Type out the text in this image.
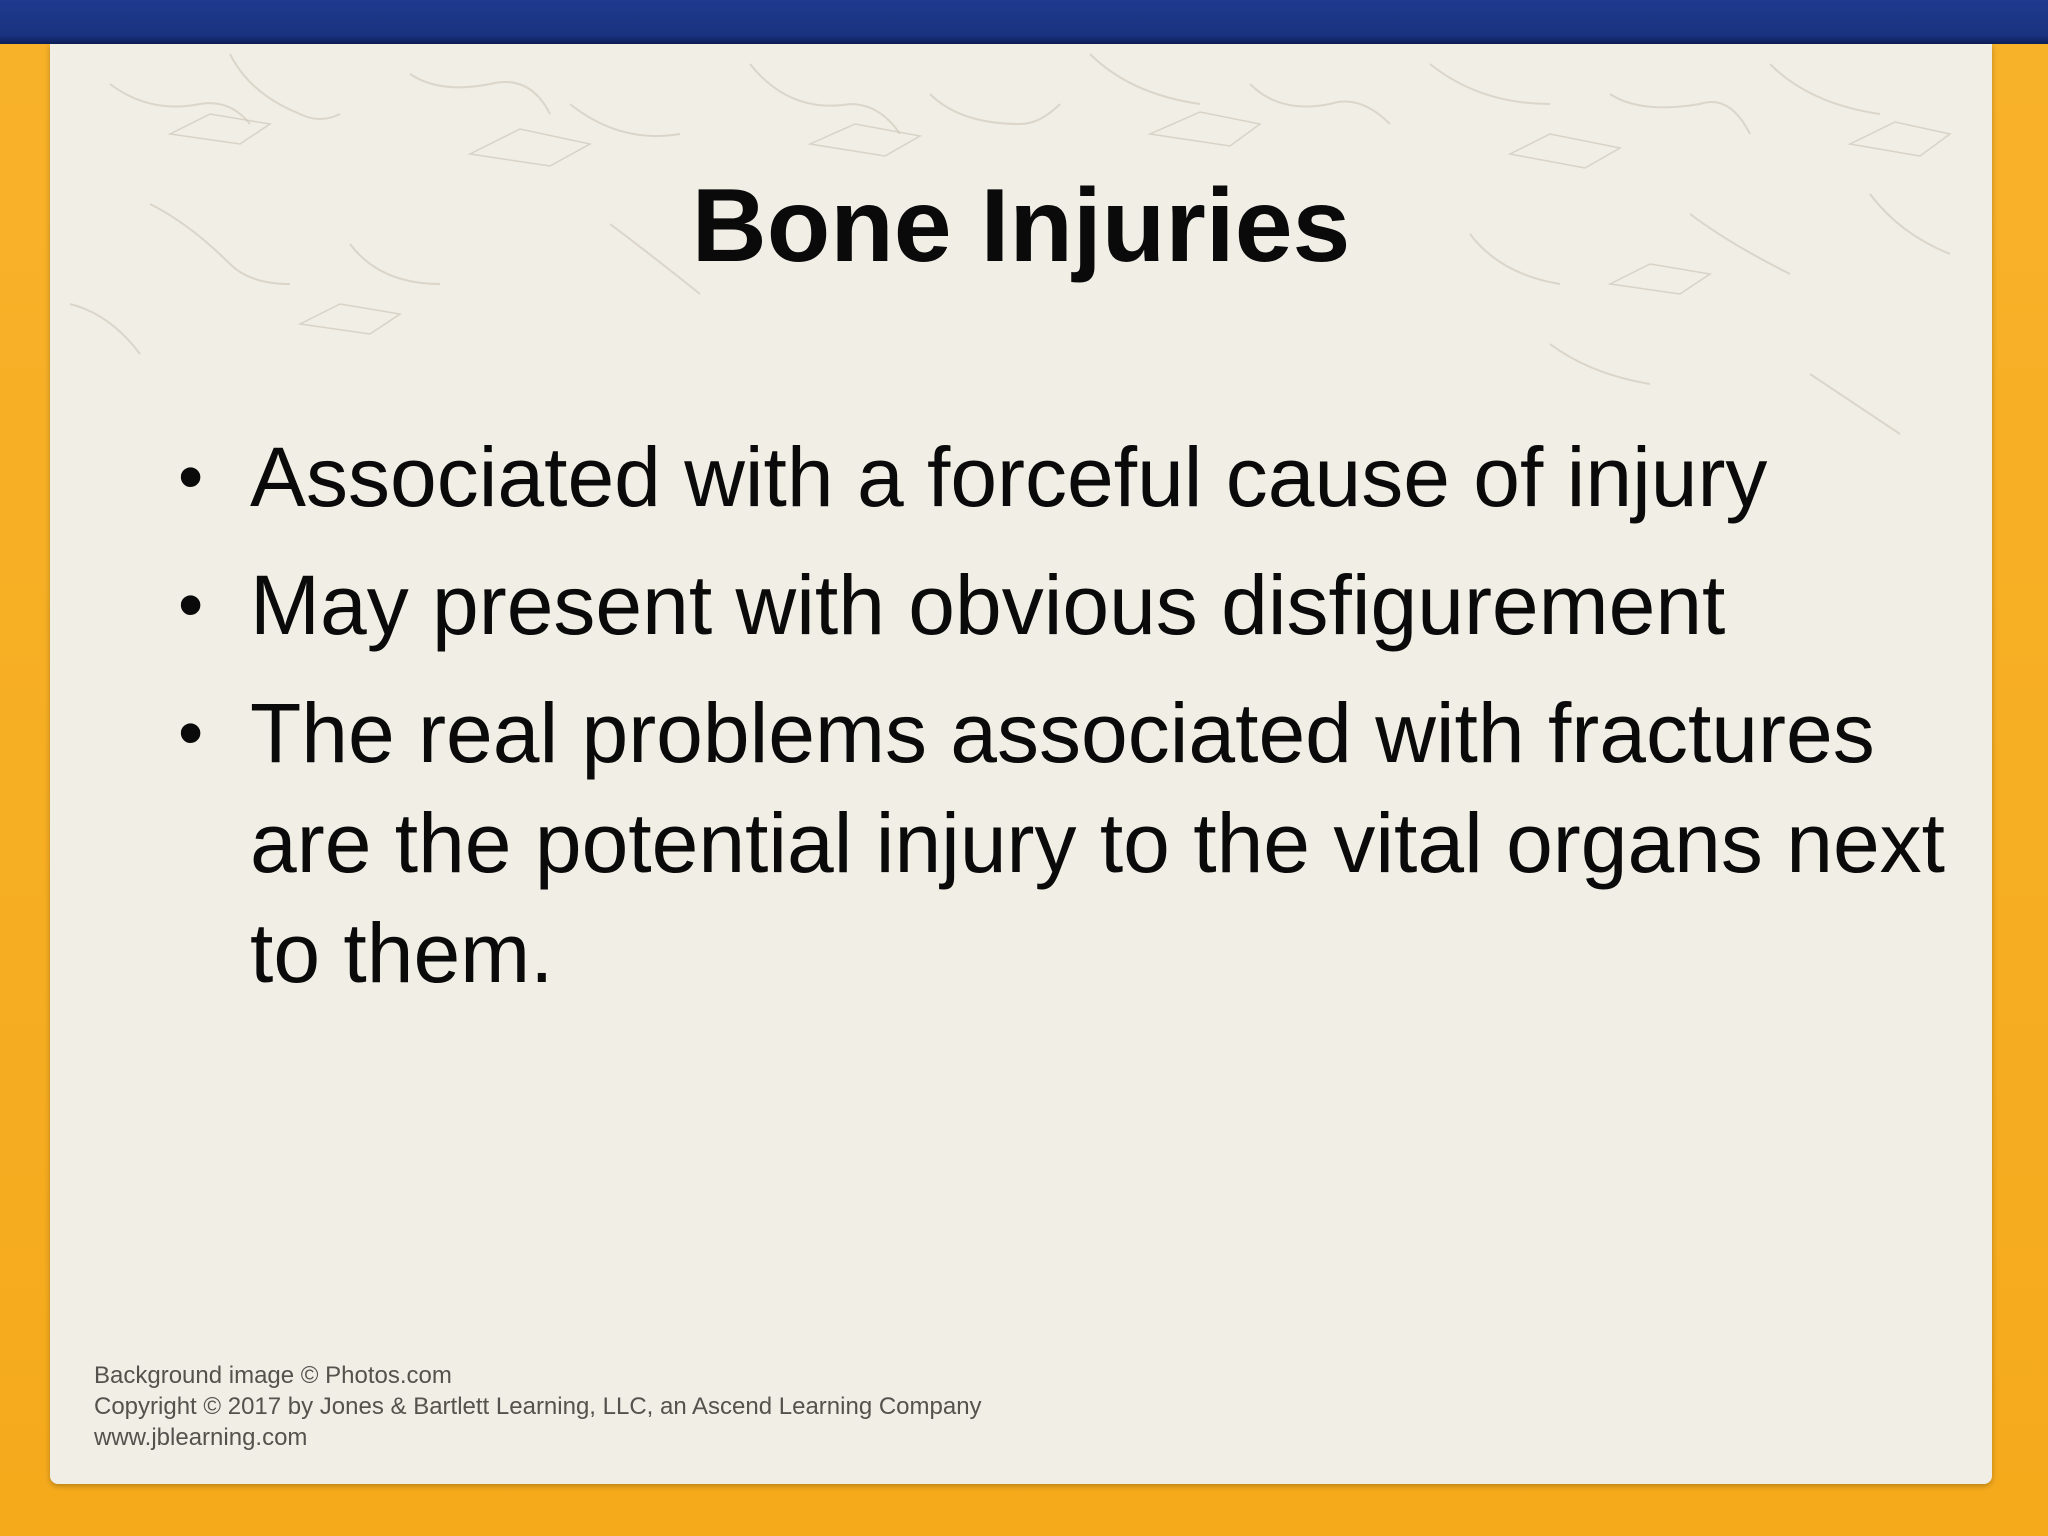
Bone Injuries
• Associated with a forceful cause of injury
• May present with obvious disfigurement
• The real problems associated with fractures are the potential injury to the vital organs next to them.
Background image © Photos.com
Copyright © 2017 by Jones & Bartlett Learning, LLC, an Ascend Learning Company
www.jblearning.com
